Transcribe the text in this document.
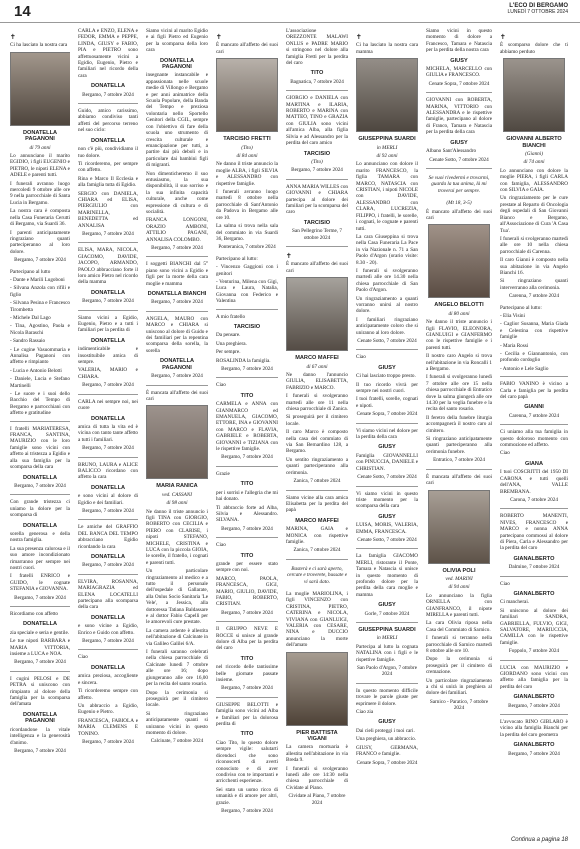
14	L'ECO DI BERGAMO
LUNEDÌ 7 OTTOBRE 2024
✝

Ci ha lasciato la nostra cara

DONATELLA PAGANONI
di 79 anni

Lo annunciano il marito EGIDIO, i figli EUGENIO e PIETRO, le nipoti ELENA e ADELE e parenti tutti.

I funerali avranno luogo mercoledì 9 ottobre alle ore 9 nella parrocchiale di Santa Lucia in Bergamo.

La nostra cara è composta nella Casa Funeraria Cerutti di Bergamo, via Suardi 36.

I parenti anticipatamente ringraziano quanti parteciperanno al loro dolore.

Bergamo, 7 ottobre 2024

Partecipano al lutto

- Dante e Marili Lugoboni

- Silvana Anzola con rifili e figlio

- Silvana Pesina e Francesco Tirombetta

- Michele Dal Lago

- Tina, Agostino, Paola e Nicola Baraschi

- Sandro Rassaio

- Le cugine Vasuommaria e Annalisa Paganoni con affetto e rimpianto

- Lucia e Antonio Belotti

- Daniele, Lucia e Stefano Martinelli

- Le suore e i suoi dello Bacchio del Tempo di Bergamo e parrocchiani con affetto e gratitudine

I fratelli MARIATERESA, FRANCA, SANTINA, MAURIZIO con le loro famiglie sono vicini con affetto ai tristezza a Egidio e alla sua famiglia per la scomparsa della cara

DONATELLA
Bergamo, 7 ottobre 2024

Con grande tristezza ci uniamo la dolore per la scomparsa di

DONATELLA

sorella generosa e della nostra famiglia.

La sua presenza calorosa e il suo amore incondizionato rimarranno per sempre nei nostri cuori.

I fratelli ENRICO e GUIDO, le cognate STEFANIA e GIOVANNA.

Bergamo, 7 ottobre 2024

Ricordiamo con affetto

DONATELLA

zia speciale e seria e gentile.

Le tue nipoti BARBARA e MARIA VITTORIA, insieme a LUCA e NOA.

Bergamo, 7 ottobre 2024

I cugini PELOSI e DE PETRA si uniscono con rimpianto al dolore della famiglia per la scomparsa dell'amata

DONATELLA PAGANONI

ricordandone la vitale intelligenza e la generosità d'animo.

Bergamo, 7 ottobre 2024

CARLA e ENZO, ELENA e FEDOR, EMMA e PEPPE, LINDA, GIUSY e FABIO, PIA e PIETRO sono affettuosamente vicini a Egidio, Eugenio, Pietro e familiari nel ricordo della cara

DONATELLA
Bergamo, 7 ottobre 2024

Guido, amico carissimo, abbiamo condiviso tanti affetti del percorso terreno nel suo ciclo:

DONATELLA

non c'è più, condividiamo il tuo dolore.

Ti ricorderemo, per sempre con affetto.

Rina e Marco Il Ecclesìa e alla famiglia tutta di Egidio.

SERGIO con DANIELA, CHIARA ed ELISA, PIERGIULIO con MARINELLA, BENEDETTA ed ANNALISA

Bergamo, 7 ottobre 2024

ELISA, MARA, NICOLA, GIACOMO, DAVIDE, JACOPO, ARMANDO, PAOLO abbracciano forte il loro amico Pietro nel ricordo della mamma

DONATELLA
Bergamo, 7 ottobre 2024

Siamo vicini a Egidio, Eugenio, Pietro e a tutti i familiari per la perdita di

DONATELLA

indimenticabile e insostituibile amica di sempre.

VALERIA, MARIO e CHIARA.

Bergamo, 7 ottobre 2024

CARLA nei sempre noi, nei cuore

DONATELLA

amica di tutta la vita ed è vicina con tanto tante affetto a tutti i familiari.

Bergamo, 7 ottobre 2024

BRUNO, LAURA e ALICE BALICCO ricordano con affetto la cara

DONATELLA

e sono vicini al dolore di Egidio e dei familiari.

Bergamo, 7 ottobre 2024

Le amiche del GRAFFIO DEL BANCA DEL TEMPO abbracciano Egidio ricordando la cara

DONATELLA
Bergamo, 7 ottobre 2024

ELVIRA, ROSANNA, MARIAGRAZIA ed ELENA LOCATELLI partecipano alla scomparsa della cara

DONATELLA

e sono vicine a Egidio, Enrico e Guido con affetto.

Bergamo, 7 ottobre 2024

Ciao

DONATELLA

amica preziosa, accogliente e sincera.

Ti ricorderemo sempre con affetto.

Un abbraccio a Egidio, Eugenio e Pietro.

FRANCESCA, FABIOLA e MARIA CLEMENS E TONINO.

Bergamo, 7 ottobre 2024

Siamo vicini al marito Egidio e ai figli Pietro ed Eugenio per la scomparsa della loro cara

DONATELLA PAGANONI

insegnante instancabile e appassionata nelle scuole medie di Villongo e Bergamo e per anni animatrice della Scuola Popolare, della Banda del Tempo e preziosa volontaria nello Sportello Genitori della CGIL, sempre con l'obiettivo di fare della scuola uno strumento di crescita culturale e emancipazione per tutti, a partire dai più deboli e in particolare dai bambini figli di migranti.

Non dimenticheremo il suo entusiasmo, la sua disponibilità, il suo sorriso e la sua infinita capacità culturale, anche come espressione di cultura e di socialità.

FRANCA LONGONI, ORAZIO AMBONI, ATTILIO PAGANI, ANNALISA COLOMBO.

Bergamo, 7 ottobre 2024

I soggetti BIANCHI dal 5° piano sono vicini a Egidio e figli per la morte della cara moglie e mamma

DONATELLA BIANCHI
Bergamo, 7 ottobre 2024

ANGELA, MAURO con MARCO e CHIARA si uniscono al dolore di Guido e dei familiari per la repentina scomparsa della sorella, la sorella

DONATELLA PAGANONI
Bergamo, 7 ottobre 2024

È mancata all'affetto dei suoi cari

MARIA RANICA
ved. CASSANI
di 98 anni

Ne danno il triste annuncio i figli TINA con GIORGIO, ROBERTO con CECILIA e PIERO con CLARISE, i nipoti STEFANO, MICHELE, CRISTINA e LUCA con la piccola GIOIA, le sorelle, il fratello, i cognati e parenti tutti.

Un particolare ringraziamento al medico e a tutto il personale dell'ospedale di Gallarate, alla Onlus Socio Sanitaria 'Le Vele', a Jessica, alla dottoressa Tatiana Baldassare e al dottor Fabio Capelli per le amorevoli cure prestate.

La camera ardente è allestita nell'abitazione di Calcinate in via Galileo Galilei 6/A.

I funerali saranno celebrati nella chiesa parrocchiale di Calcinate lunedì 7 ottobre alle ore 16; dopo giungeranno alle ore 16,00 per la recita del santo rosario.

Dopo la cerimonia si proseguirà per il cimitero locale.

Si ringraziano anticipatamente quanti si uniranno vicini in questo momento di dolore.

Calcinate, 7 ottobre 2024
✝

È mancato all'affetto dei suoi cari

TARCISIO FRETTI
(Tito)
di 84 anni

Ne danno il triste annuncio la moglie ALBA, i figli SILVIA e ALESSANDRO con rispettive famiglie.

I funerali avranno luogo martedì 8 ottobre nella parrocchiale di Sant'Antonio da Padova in Bergamo alle ore 10.

La salma si trova nella sala del commiato in via Suardi 36, Bergamo.

Ponteranica, 7 ottobre 2024

Partecipano al lutto:

- Vincenzo Gaggioni con i genitori

- Venturina, Milena con Gigi, Luca e Laura, Natalia, Giovanna con Federico e Valentina

A mio fratello

TARCISIO

Da pensare.

Una preghiera.

Per sempre.

ROSALINDA la famiglia.

Bergamo, 7 ottobre 2024

Ciao

TITO

CARMELA e ANNA con GIANMARCO ed EMANUELA, GIACOMO, ETTORE, INA e GIOVANNI con MARCO e FLAVIA, GABRIELE e ROBERTA, GIOVANNI e TIZIANA con le rispettive famiglie.

Bergamo, 7 ottobre 2024

Grazie

TITO

per i sorrisi e l'allegria che mi hai donato.

Ti abbraccio forte ad Alba, Silvia e Alessandro. SILVANA.

Bergamo, 7 ottobre 2024

Ciao

TITO

grande per essere stato sempre con noi.

MARCO, PAOLA, FRANCESCA, GIGI, MARIO, GIULIO, DAVIDE, FABIO, ROBERTO, CRISTIAN.

Bergamo, 7 ottobre 2024

Il GRUPPO NEVE E ROCCE si unisce al grande dolore di Alba per la perdita del caro

TITO

nel ricordo delle tantissime belle giornate passate insieme.

Bergamo, 7 ottobre 2024

GIUSEPPE BELOTTI e famiglia sono vicini ad Alba e familiari per la dolorosa perdita di

TITO

Ciao Tito, lo questo dolore sempre vigile: salutarti dicendoci che sono riconoscerti di averti conosciuto e di aver condiviso con te importanti e arricchenti esperienze.

Sei stato un uomo ricco di umanità e di amore per altri, grazie.

Bergamo, 7 ottobre 2024

L'associazione OREZZONTE MALAWI ONLUS e PADRE MARIO si stringono nel dolore alla famiglia Fretti per la perdita del caro

TITO
Bagnatica, 7 ottobre 2024

GIORGIO e DANIELA con MARTINA e ILARIA, ROBERTO e MARINA con MATTEO, TINO e GRAZIA con GIULIA sono vicini all'amica Alba, alla figlia Silvia e ad Alessandro per la perdita del caro amico

TARCISIO
(Tito)
Bergamo, 7 ottobre 2024

ANNA MARIA WILLES con GIOVANNI e CHIARA partecipa al dolore dei familiari per la scomparsa del caro

TARCISIO
San Pellegrino Terme, 7 ottobre 2024
✝

È mancato all'affetto dei suoi cari

MARCO MAFFEI
di 67 anni

Ne danno l'annuncio GIULIA, ELISABETTA, FABRIZIO e MARCO.

I funerali si svolgeranno martedì alle ore 11 nella chiesa parrocchiale di Zanica.

Si proseguirà per il cimitero locale.

Il caro Marco è composto nella casa del commiato di via San Bernardino 128, a Bergamo.

Un sentito ringraziamento a quanti parteciperanno alla cerimonia.

Zanica, 7 ottobre 2024

Siamo vicine alla cara amica Elisabetta per la perdita del papà

MARCO MAFFEI

MARINA, GAIA e MONICA con rispettive famiglie.

Zanica, 7 ottobre 2024
Basterà e ci sarà aperto, cercate e troverete, bussate e vi sarà dato.

La moglie MARIOLINA, i figli VINCENZO con CRISTINA, PIETRO, CATERINA e NICOLA, VIVIANA con GIANLUIGI, VALERIA con CESARE, NINA e DUCCIO annunciano la morte dell'amato

PIER BATTISTA VIGANI

La camera mortuaria è allestita nell'abitazione in via Breda 9.

I funerali si svolgeranno lunedì alle ore 14:30 nella chiesa parrocchiale di Cividate al Piano.

Cividate al Piano, 7 ottobre 2024
✝

Ci ha lasciato la nostra cara mamma

GIUSEPPINA SUARDI
in MERLI
di 92 anni

Lo annunciano con dolore il marito FRANCESCO, la figlia TAMARA con MARCO, NATASCIA con CRISTIAN, i nipoti NICOLE con DAVIDE, ALESSANDRO con CLARA, LUCREZIA, FILIPPO, i fratelli, le sorelle, i cognati, le cognate e parenti tutti.

La cara Giuseppina si trova nella Casa Funeraria La Pace in via Nazionale n. 71 a San Paolo d'Argon (orario visite: 8.30 - 20).

I funerali si svolgeranno martedì alle ore 14.30 nella chiesa parrocchiale di San Paolo d'Argon.

Un ringraziamento a quanti vorranno unirsi al nostro dolore.

I familiari ringraziano anticipatamente coloro che si uniranno al loro dolore.

Cenate Sotto, 7 ottobre 2024

Ciao

GIUSY

Ci hai lasciato troppo presto.

Il tuo ricordo vivrà per sempre nei nostri cuori.

I tuoi fratelli, sorelle, cognati e nipoti.

Cenate Sopra, 7 ottobre 2024

Vi siamo vicini nel dolore per la perdita della cara

GIUSY

Famiglia GIOVANNELLI con PINUCCIA, DANIELE e CHRISTIAN.

Cenate Sotto, 7 ottobre 2024

Vi siamo vicini in questo triste momento per la scomparsa della cara

GIUSY

LUISA, MORIS, VALERIA, EMMA, FRANCESCA.

Cenate Sotto, 7 ottobre 2024

La famiglia GIACOMO MERLI, ristorante il Ponte, Tamara e Natascia si unisce in questo momento di profondo dolore per la perdita della cara moglie e mamma

GIUSY
Gorle, 7 ottobre 2024
GIUSEPPINA SUARDI
in MERLI

Partecipa al lutto la cognata NATALINA con i figli e le rispettive famiglie.

San Paolo d'Argon, 7 ottobre 2024

In questo momento difficile trovare le parole giuste per esprimere il dolore.

Ciao zia

GIUSY

Dai cieli proteggi i tuoi cari.

Una preghiera, un abbraccio.

GIUSY, GERMANA, FRANCO e famiglie.

Cenate Sopra, 7 ottobre 2024

Siamo vicini in questo momento di dolore a Francesco, Tamara e Natascia per la perdita della nostra cara

GIUSY

MICHELA, MARCELLO con GIULIA e FRANCESCO.

Cenate Sopra, 7 ottobre 2024

GIOVANNI con ROBERTA, MARINA, VITTORIO con ALESSANDRA e le rispettive famiglie, partecipano al dolore di Franco, Tamara e Natascia per la perdita della cara

GIUSY

Albano Sant'Alessandro

Cenate Sotto, 7 ottobre 2024
Se vuoi rivedermi e trovarmi, guarda la tua anima, là mi troverai per sempre.
(Mt 18, 3-5)

È mancato all'affetto dei suoi cari

ANGELO BELOTTI
di 80 anni

Ne danno il triste annuncio i figli FLAVIO, ELEONORA, GIANLUIGI e GIANFERMO con le rispettive famiglie e i parenti tutti.

Il nostro caro Angelo si trova nell'abitazione in via Roncalli 1 a Bergamo.

I funerali si svolgeranno lunedì 7 ottobre alle ore 15 nella chiesa parrocchiale di Entratico dove la salma giungerà alle ore 14.30 per la veglia funebre e la recita del santo rosario.

Il feretro della funebre liturgia accompagnerà il nostro caro al cimitero.

Si ringraziano anticipatamente quanti parteciperanno alla cerimonia funebre.

Entratico, 7 ottobre 2024

È mancata all'affetto dei suoi cari

OLIVIA POLI
ved. MARINI
di 94 anni

Lo annunciano la figlia ORNELLA con GIANFRANCO, il nipote MIRELLA e parenti tutti.

La cara Olivia riposa nella Casa del Commiato di Sarnico.

I funerali si terranno nella parrocchiale di Sarnico martedì 8 ottobre alle ore 10.

Dopo la cerimonia si proseguirà per il cimitero di cremazione.

Un particolare ringraziamento a chi si unirà in preghiera al dolore dei familiari.

Sarnico - Paratico, 7 ottobre 2024
✝

È scomparso dolore che ti abbiamo perduto

GIOVANNI ALBERTO BIANCHI
(Gianni)
di 74 anni

Lo annunciano con dolore la moglie PIERA, i figli CARLA con famiglia, ALESSANDRO con SILVIA e GAIA.

Un ringraziamento per le cure prestate al Reparto di Oncologia degli ospedali di San Giovanni Bianco e Bergamo, all'Associazione di Cura 'A Casa Tua'.

I funerali si svolgeranno martedì alle ore 10 nella chiesa parrocchiale di Carenna.

Il caro Gianni è composto nella sua abitazione in via Angelo Bianchi 16.

Si ringraziano quanti interverranno alla cerimonia.

Carenna, 7 ottobre 2024

Partecipano al lutto:

- Elia Visini

- Caglior Susanna, Maria Giada e Celestina con rispettive famiglie

- Maria Rossi

- Cecilia e Giannantonio, con profondo cordoglio

- Antonio e Lele Saglio

FABIO VANINO è vicino a Carla e famiglia per la perdita del caro papà

GIANNI
Carenna, 7 ottobre 2024

Ci uniamo alla tua famiglia in questo doloroso momento con commozione ed affetto.

Ciao

GIANA

I tuoi COSCRITTI del 1950 DI CARONA e tutti quelli dell'ANA, VALLE BREMBANA.

Carona, 7 ottobre 2024

ROBERTO MANENTI, NIVES, FRANCESCO e MARCO e nonna ANNA partecipano commossi al dolore di Piera, Carla e Alessandro per la perdita del caro

GIANALBERTO
Dalmine, 7 ottobre 2024

Ciao

GIANALBERTO

Ci mancherai.

Si uniscono al dolore dei familiari SANDRA, GABRIELLA, FULVIO, GIGI, SALVATORE, MARIUCCIA, CAMILLA con le rispettive famiglie.

Foppolo, 7 ottobre 2024

LUCIA con MAURIZIO e GIORDANO sono vicini con affetto alla famiglia per la perdita del caro

GIANALBERTO
Bergamo, 7 ottobre 2024

L'avvocato RINO GIBLARO è vicino alla famiglia Bianchi per la perdita del caro geometra

GIANALBERTO
Bergamo, 7 ottobre 2024
Continua a pagina 18
